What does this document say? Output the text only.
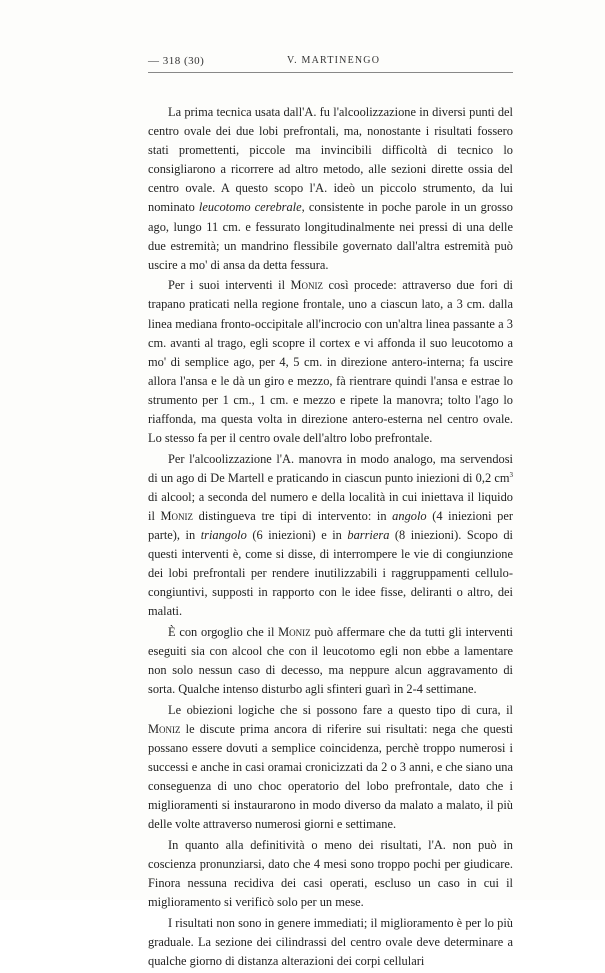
— 318 (30)	V. MARTINENGO

La prima tecnica usata dall'A. fu l'alcoolizzazione in diversi punti del centro ovale dei due lobi prefrontali, ma, nonostante i risultati fossero stati promettenti, piccole ma invincibili difficoltà di tecnico lo consigliarono a ricorrere ad altro metodo, alle sezioni dirette ossia del centro ovale. A questo scopo l'A. ideò un piccolo strumento, da lui nominato leucotomo cerebrale, consistente in poche parole in un grosso ago, lungo 11 cm. e fessurato longitudinalmente nei pressi di una delle due estremità; un mandrino flessibile governato dall'altra estremità può uscire a mo' di ansa da detta fessura.

Per i suoi interventi il Moniz così procede: attraverso due fori di trapano praticati nella regione frontale, uno a ciascun lato, a 3 cm. dalla linea mediana fronto-occipitale all'incrocio con un'altra linea passante a 3 cm. avanti al trago, egli scopre il cortex e vi affonda il suo leucotomo a mo' di semplice ago, per 4, 5 cm. in direzione antero-interna; fa uscire allora l'ansa e le dà un giro e mezzo, fà rientrare quindi l'ansa e estrae lo strumento per 1 cm., 1 cm. e mezzo e ripete la manovra; tolto l'ago lo riaffonda, ma questa volta in direzione antero-esterna nel centro ovale. Lo stesso fa per il centro ovale dell'altro lobo prefrontale.

Per l'alcoolizzazione l'A. manovra in modo analogo, ma servendosi di un ago di De Martell e praticando in ciascun punto iniezioni di 0,2 $cm^3$ di alcool; a seconda del numero e della località in cui iniettava il liquido il Moniz distingueva tre tipi di intervento: in angolo (4 iniezioni per parte), in triangolo (6 iniezioni) e in barriera (8 iniezioni). Scopo di questi interventi è, come si disse, di interrompere le vie di congiunzione dei lobi prefrontali per rendere inutilizzabili i raggruppamenti cellulo-congiuntivi, supposti in rapporto con le idee fisse, deliranti o altro, dei malati.

È con orgoglio che il Moniz può affermare che da tutti gli interventi eseguiti sia con alcool che con il leucotomo egli non ebbe a lamentare non solo nessun caso di decesso, ma neppure alcun aggravamento di sorta. Qualche intenso disturbo agli sfinteri guarì in 2-4 settimane.

Le obiezioni logiche che si possono fare a questo tipo di cura, il Moniz le discute prima ancora di riferire sui risultati: nega che questi possano essere dovuti a semplice coincidenza, perchè troppo numerosi i successi e anche in casi oramai cronicizzati da 2 o 3 anni, e che siano una conseguenza di uno choc operatorio del lobo prefrontale, dato che i miglioramenti si instaurarono in modo diverso da malato a malato, il più delle volte attraverso numerosi giorni e settimane.

In quanto alla definitività o meno dei risultati, l'A. non può in coscienza pronunziarsi, dato che 4 mesi sono troppo pochi per giudicare. Finora nessuna recidiva dei casi operati, escluso un caso in cui il miglioramento si verificò solo per un mese.

I risultati non sono in genere immediati; il miglioramento è per lo più graduale. La sezione dei cilindrassi del centro ovale deve determinare a qualche giorno di distanza alterazioni dei corpi cellulari
